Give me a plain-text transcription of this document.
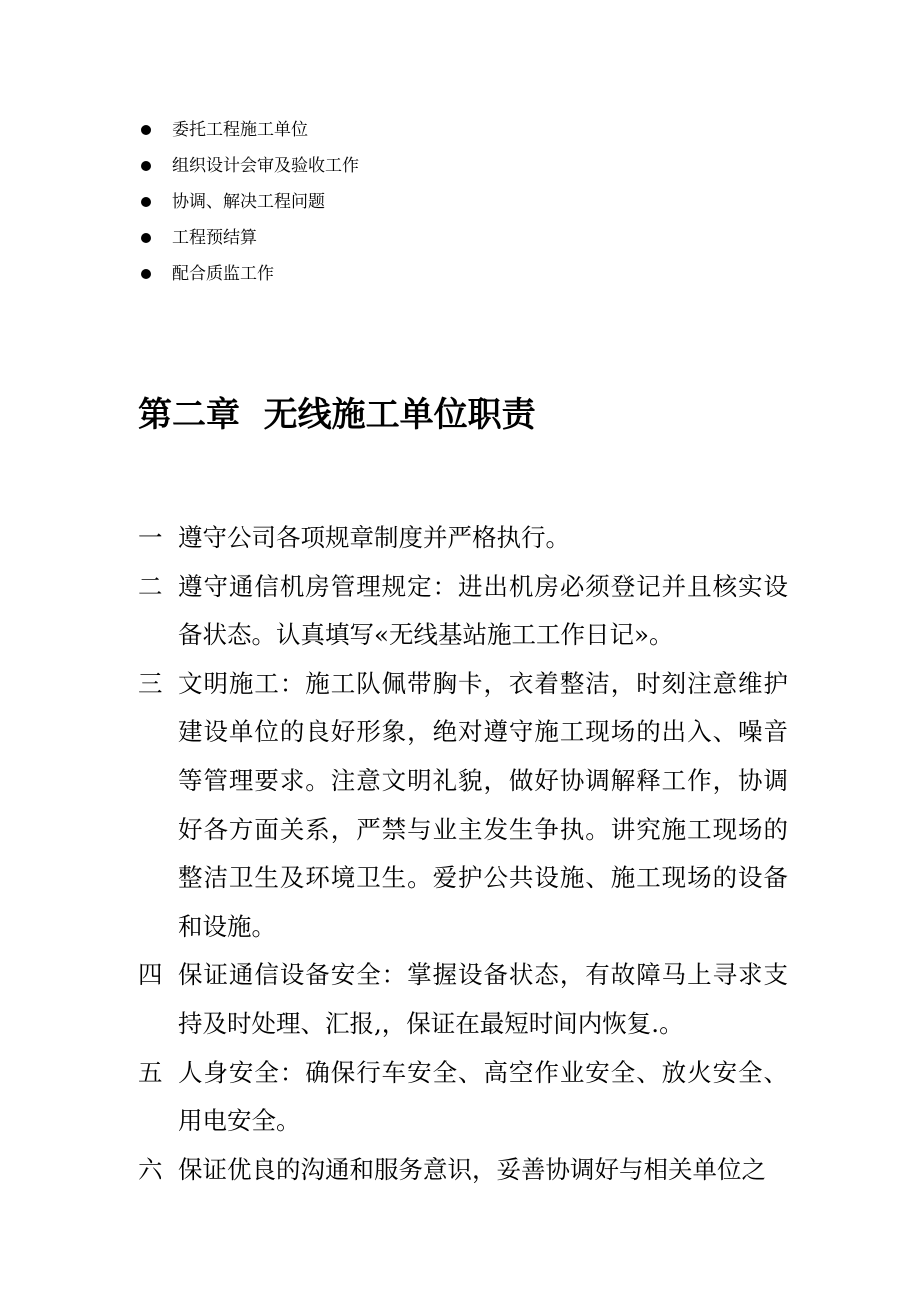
委托工程施工单位
组织设计会审及验收工作
协调、解决工程问题
工程预结算
配合质监工作
第二章  无线施工单位职责
一 遵守公司各项规章制度并严格执行。
二 遵守通信机房管理规定：进出机房必须登记并且核实设备状态。认真填写«无线基站施工工作日记»。
三 文明施工：施工队佩带胸卡，衣着整洁，时刻注意维护建设单位的良好形象，绝对遵守施工现场的出入、噪音等管理要求。注意文明礼貌，做好协调解释工作，协调好各方面关系，严禁与业主发生争执。讲究施工现场的整洁卫生及环境卫生。爱护公共设施、施工现场的设备和设施。
四 保证通信设备安全：掌握设备状态，有故障马上寻求支持及时处理、汇报,，保证在最短时间内恢复.。
五 人身安全：确保行车安全、高空作业安全、放火安全、用电安全。
六 保证优良的沟通和服务意识，妥善协调好与相关单位之
